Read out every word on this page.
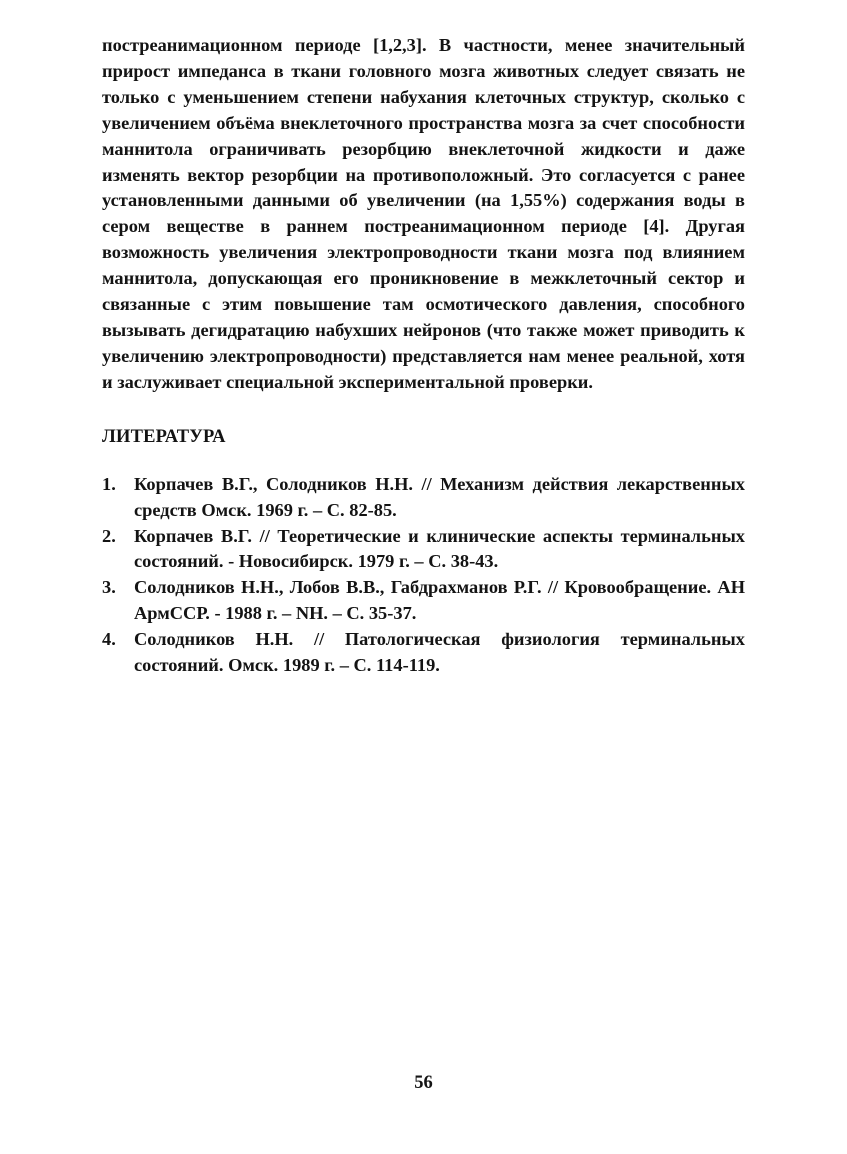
постреанимационном периоде [1,2,3]. В частности, менее значительный прирост импеданса в ткани головного мозга животных следует связать не только с уменьшением степени набухания клеточных структур, сколько с увеличением объёма внеклеточного пространства мозга за счет способности маннитола ограничивать резорбцию внеклеточной жидкости и даже изменять вектор резорбции на противоположный. Это согласуется с ранее установленными данными об увеличении (на 1,55%) содержания воды в сером веществе в раннем постреанимационном периоде [4]. Другая возможность увеличения электропроводности ткани мозга под влиянием маннитола, допускающая его проникновение в межклеточный сектор и связанные с этим повышение там осмотического давления, способного вызывать дегидратацию набухших нейронов (что также может приводить к увеличению электропроводности) представляется нам менее реальной, хотя и заслуживает специальной экспериментальной проверки.

ЛИТЕРАТУРА
1. Корпачев В.Г., Солодников Н.Н. // Механизм действия лекарственных средств Омск. 1969 г. – С. 82-85.
2. Корпачев В.Г. // Теоретические и клинические аспекты терминальных состояний. - Новосибирск. 1979 г. – С. 38-43.
3. Солодников Н.Н., Лобов В.В., Габдрахманов Р.Г. // Кровообращение. АН АрмССР. - 1988 г. – NН. – С. 35-37.
4. Солодников Н.Н. // Патологическая физиология терминальных состояний. Омск. 1989 г. – С. 114-119.
56
